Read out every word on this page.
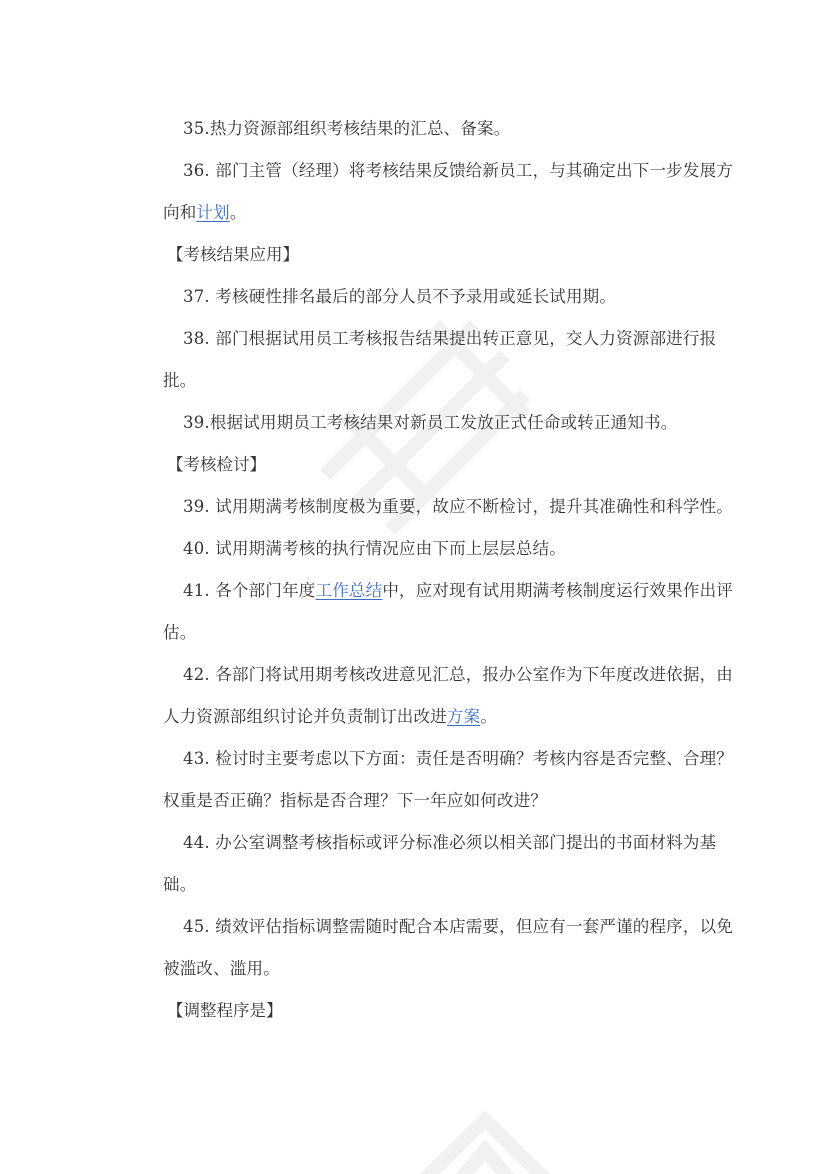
35.热力资源部组织考核结果的汇总、备案。

36. 部门主管（经理）将考核结果反馈给新员工，与其确定出下一步发展方向和计划。

【考核结果应用】

37. 考核硬性排名最后的部分人员不予录用或延长试用期。

38. 部门根据试用员工考核报告结果提出转正意见，交人力资源部进行报批。

39.根据试用期员工考核结果对新员工发放正式任命或转正通知书。

【考核检讨】

39. 试用期满考核制度极为重要，故应不断检讨，提升其准确性和科学性。

40. 试用期满考核的执行情况应由下而上层层总结。

41. 各个部门年度工作总结中，应对现有试用期满考核制度运行效果作出评估。

42. 各部门将试用期考核改进意见汇总，报办公室作为下年度改进依据，由人力资源部组织讨论并负责制订出改进方案。

43. 检讨时主要考虑以下方面：责任是否明确？考核内容是否完整、合理？权重是否正确？指标是否合理？下一年应如何改进？

44. 办公室调整考核指标或评分标准必须以相关部门提出的书面材料为基础。

45. 绩效评估指标调整需随时配合本店需要，但应有一套严谨的程序，以免被滥改、滥用。

【调整程序是】
